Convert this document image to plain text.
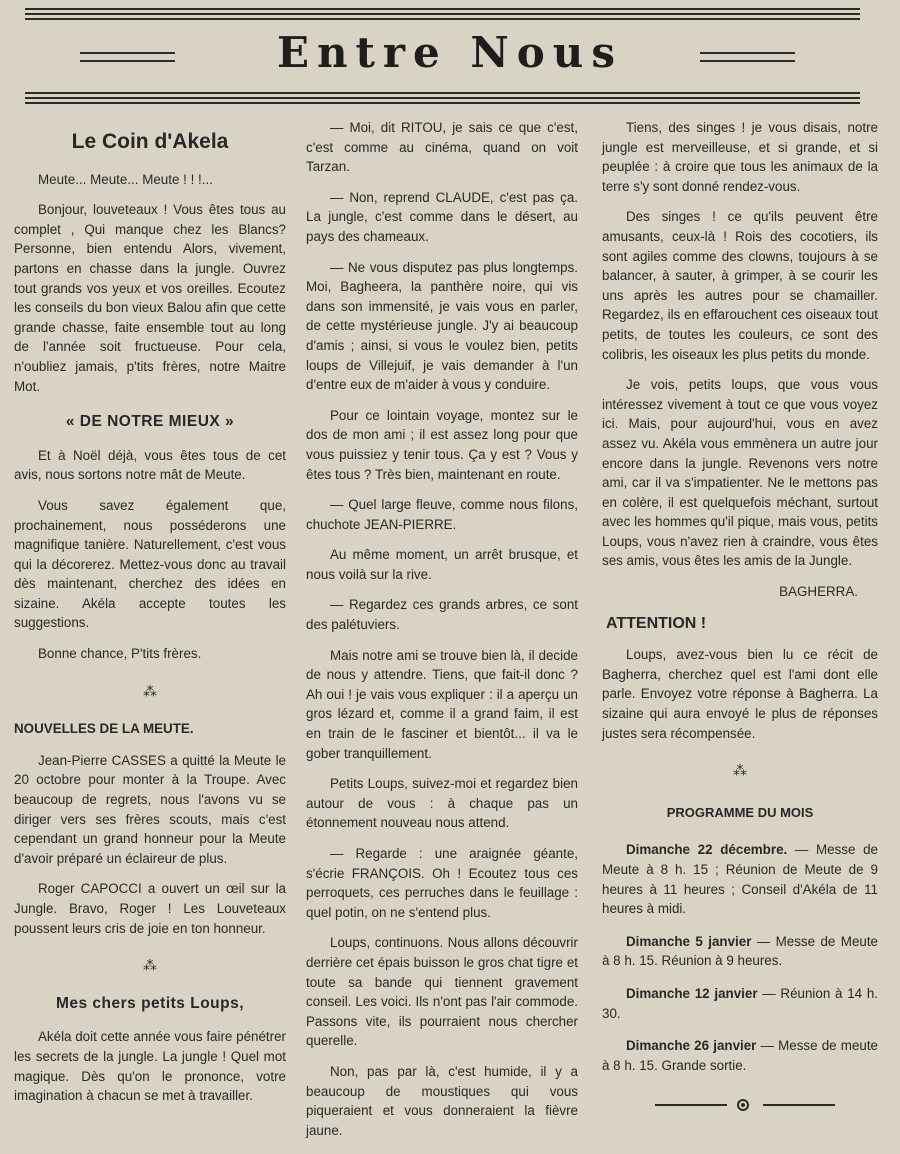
Entre Nous
Le Coin d'Akela

Meute... Meute... Meute ! ! !...

Bonjour, louveteaux ! Vous êtes tous au complet , Qui manque chez les Blancs? Personne, bien entendu Alors, vivement, partons en chasse dans la jungle. Ouvrez tout grands vos yeux et vos oreilles. Ecoutez les conseils du bon vieux Balou afin que cette grande chasse, faite ensemble tout au long de l'année soit fructueuse. Pour cela, n'oubliez jamais, p'tits frères, notre Maitre Mot.

« DE NOTRE MIEUX »

Et à Noël déjà, vous êtes tous de cet avis, nous sortons notre mât de Meute.

Vous savez également que, prochainement, nous posséderons une magnifique tanière. Naturellement, c'est vous qui la décorerez. Mettez-vous donc au travail dès maintenant, cherchez des idées en sizaine. Akéla accepte toutes les suggestions.

Bonne chance, P'tits frères.

⁂
NOUVELLES DE LA MEUTE.

Jean-Pierre CASSES a quitté la Meute le 20 octobre pour monter à la Troupe. Avec beaucoup de regrets, nous l'avons vu se diriger vers ses frères scouts, mais c'est cependant un grand honneur pour la Meute d'avoir préparé un éclaireur de plus.

Roger CAPOCCI a ouvert un œil sur la Jungle. Bravo, Roger ! Les Louveteaux poussent leurs cris de joie en ton honneur.

⁂
Mes chers petits Loups,

Akéla doit cette année vous faire pénétrer les secrets de la jungle. La jungle ! Quel mot magique. Dès qu'on le prononce, votre imagination à chacun se met à travailler.

— Moi, dit RITOU, je sais ce que c'est, c'est comme au cinéma, quand on voit Tarzan.

— Non, reprend CLAUDE, c'est pas ça. La jungle, c'est comme dans le désert, au pays des chameaux.

— Ne vous disputez pas plus longtemps. Moi, Bagheera, la panthère noire, qui vis dans son immensité, je vais vous en parler, de cette mystérieuse jungle. J'y ai beaucoup d'amis ; ainsi, si vous le voulez bien, petits loups de Villejuif, je vais demander à l'un d'entre eux de m'aider à vous y conduire.

Pour ce lointain voyage, montez sur le dos de mon ami ; il est assez long pour que vous puissiez y tenir tous. Ça y est ? Vous y êtes tous ? Très bien, maintenant en route.

— Quel large fleuve, comme nous filons, chuchote JEAN-PIERRE.

Au même moment, un arrêt brusque, et nous voilà sur la rive.

— Regardez ces grands arbres, ce sont des palétuviers.

Mais notre ami se trouve bien là, il decide de nous y attendre. Tiens, que fait-il donc ? Ah oui ! je vais vous expliquer : il a aperçu un gros lézard et, comme il a grand faim, il est en train de le fasciner et bientôt... il va le gober tranquillement.

Petits Loups, suivez-moi et regardez bien autour de vous : à chaque pas un étonnement nouveau nous attend.

— Regarde : une araignée géante, s'écrie FRANÇOIS. Oh ! Ecoutez tous ces perroquets, ces perruches dans le feuillage : quel potin, on ne s'entend plus.

Loups, continuons. Nous allons découvrir derrière cet épais buisson le gros chat tigre et toute sa bande qui tiennent gravement conseil. Les voici. Ils n'ont pas l'air commode. Passons vite, ils pourraient nous chercher querelle.

Non, pas par là, c'est humide, il y a beaucoup de moustiques qui vous piqueraient et vous donneraient la fièvre jaune.

Tiens, des singes ! je vous disais, notre jungle est merveilleuse, et si grande, et si peuplée : à croire que tous les animaux de la terre s'y sont donné rendez-vous.

Des singes ! ce qu'ils peuvent être amusants, ceux-là ! Rois des cocotiers, ils sont agiles comme des clowns, toujours à se balancer, à sauter, à grimper, à se courir les uns après les autres pour se chamailler. Regardez, ils en effarouchent ces oiseaux tout petits, de toutes les couleurs, ce sont des colibris, les oiseaux les plus petits du monde.

Je vois, petits loups, que vous vous intéressez vivement à tout ce que vous voyez ici. Mais, pour aujourd'hui, vous en avez assez vu. Akéla vous emmènera un autre jour encore dans la jungle. Revenons vers notre ami, car il va s'impatienter. Ne le mettons pas en colère, il est quelquefois méchant, surtout avec les hommes qu'il pique, mais vous, petits Loups, vous n'avez rien à craindre, vous êtes ses amis, vous êtes les amis de la Jungle.

BAGHERRA.
ATTENTION !

Loups, avez-vous bien lu ce récit de Bagherra, cherchez quel est l'ami dont elle parle. Envoyez votre réponse à Bagherra. La sizaine qui aura envoyé le plus de réponses justes sera récompensée.

⁂
PROGRAMME DU MOIS
Dimanche 22 décembre. — Messe de Meute à 8 h. 15 ; Réunion de Meute de 9 heures à 11 heures ; Conseil d'Akéla de 11 heures à midi.
Dimanche 5 janvier — Messe de Meute à 8 h. 15. Réunion à 9 heures.
Dimanche 12 janvier — Réunion à 14 h. 30.
Dimanche 26 janvier — Messe de meute à 8 h. 15. Grande sortie.
